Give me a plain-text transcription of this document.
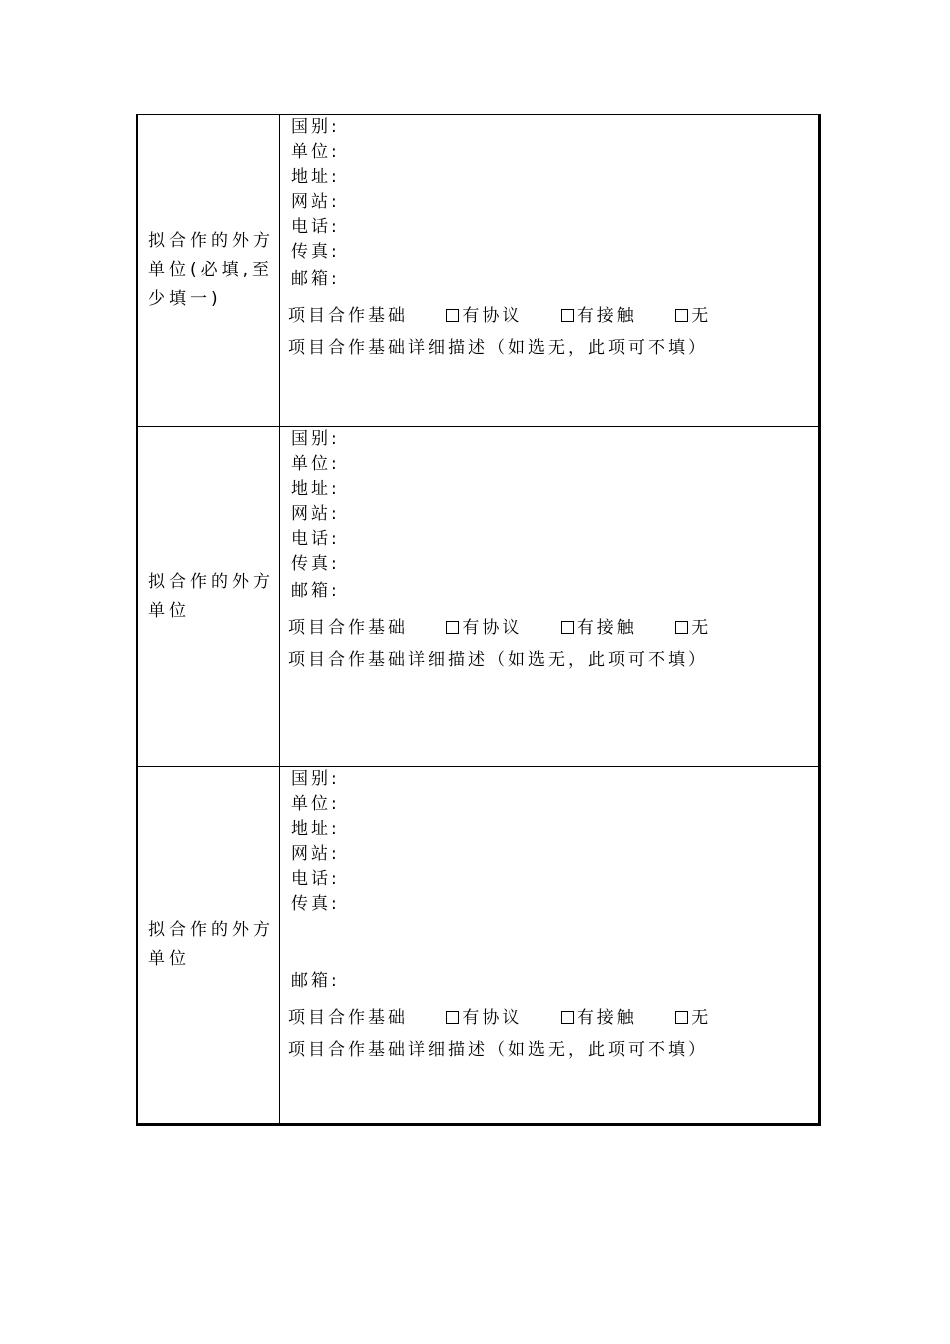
拟合作的外方单位(必填,至少填一)
国别:
单位:
地址:
网站:
电话:
传真:
邮箱:
项目合作基础	有协议	有接触	无
项目合作基础详细描述（如选无，此项可不填）
拟合作的外方单位
国别:
单位:
地址:
网站:
电话:
传真:
邮箱:
项目合作基础	有协议	有接触	无
项目合作基础详细描述（如选无，此项可不填）
拟合作的外方单位
国别:
单位:
地址:
网站:
电话:
传真:
邮箱:
项目合作基础	有协议	有接触	无
项目合作基础详细描述（如选无，此项可不填）
